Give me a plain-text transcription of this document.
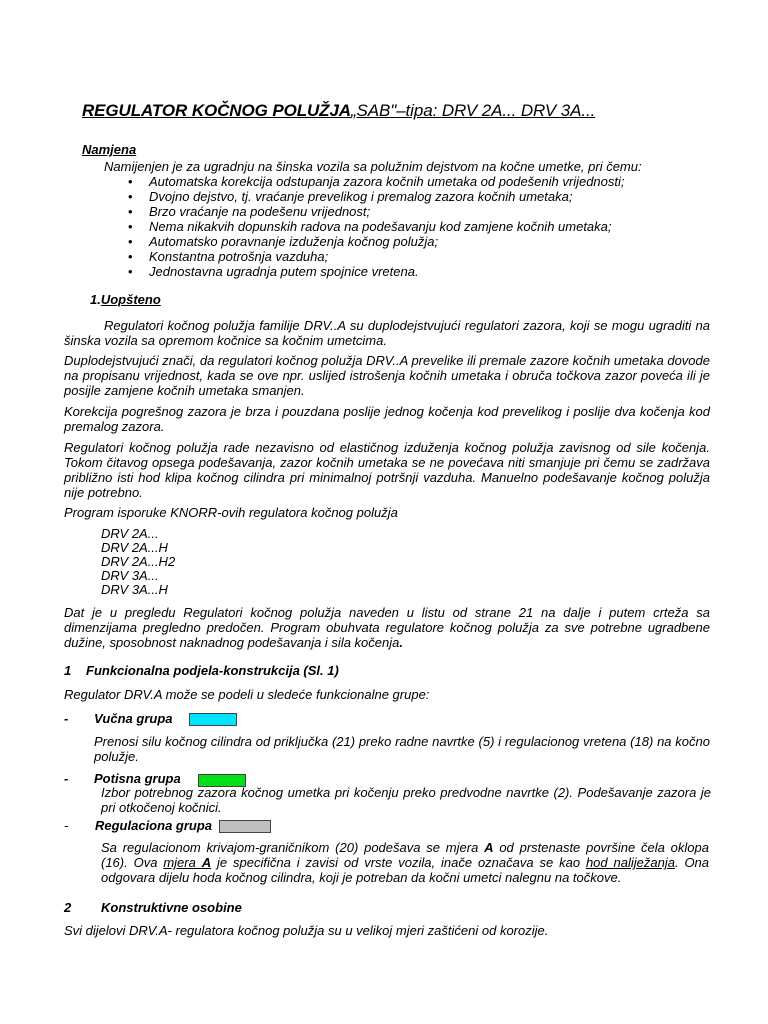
REGULATOR KOČNOG POLUŽJA„SAB"–tipa: DRV 2A... DRV 3A...
Namjena
Namijenjen je za ugradnju na šinska vozila sa polužnim dejstvom na kočne umetke, pri čemu:
• Automatska korekcija odstupanja zazora kočnih umetaka od podešenih vrijednosti;
• Dvojno dejstvo, tj. vraćanje prevelikog i premalog zazora kočnih umetaka;
• Brzo vraćanje na podešenu vrijednost;
• Nema nikakvih dopunskih radova na podešavanju kod zamjene kočnih umetaka;
• Automatsko poravnanje izduženja kočnog polužja;
• Konstantna potrošnja vazduha;
• Jednostavna ugradnja putem spojnice vretena.
1.Uopšteno
Regulatori kočnog polužja familije DRV..A su duplodejstvujući regulatori zazora, koji se mogu ugraditi na šinska vozila sa opremom kočnice sa kočnim umetcima.
Duplodejstvujući znači, da regulatori kočnog polužja DRV..A prevelike ili premale zazore kočnih umetaka dovode na propisanu vrijednost, kada se ove npr. uslijed istrošenja kočnih umetaka i obruča točkova zazor poveća ili je posijle zamjene kočnih umetaka smanjen.
Korekcija pogrešnog zazora je brza i pouzdana poslije jednog kočenja kod prevelikog i poslije dva kočenja kod premalog zazora.
Regulatori kočnog polužja rade nezavisno od elastičnog izduženja kočnog polužja zavisnog od sile kočenja. Tokom čitavog opsega podešavanja, zazor kočnih umetaka se ne povećava niti smanjuje pri čemu se zadržava približno isti hod klipa kočnog cilindra pri minimalnoj potršnji vazduha. Manuelno podešavanje kočnog polužja nije potrebno.
Program isporuke KNORR-ovih regulatora kočnog polužja
DRV 2A...
DRV 2A...H
DRV 2A...H2
DRV 3A...
DRV 3A...H
Dat je u pregledu Regulatori kočnog polužja naveden u listu od strane 21 na dalje i putem crteža sa dimenzijama pregledno predočen. Program obuhvata regulatore kočnog polužja za sve potrebne ugradbene dužine, sposobnost naknadnog podešavanja i sila kočenja.
1 Funkcionalna podjela-konstrukcija (Sl. 1)
Regulator DRV.A može se podeli u sledeće funkcionalne grupe:
- Vučna grupa
Prenosi silu kočnog cilindra od priključka (21) preko radne navrtke (5) i regulacionog vretena (18) na kočno polužje.
- Potisna grupa
Izbor potrebnog zazora kočnog umetka pri kočenju preko predvodne navrtke (2). Podešavanje zazora je pri otkočenoj kočnici.
- Regulaciona grupa
Sa regulacionom krivajom-graničnikom (20) podešava se mjera A od prstenaste površine čela oklopa (16). Ova mjera A je specifična i zavisi od vrste vozila, inače označava se kao hod naliježanja. Ona odgovara dijelu hoda kočnog cilindra, koji je potreban da kočni umetci nalegnu na točkove.
2 Konstruktivne osobine
Svi dijelovi DRV.A- regulatora kočnog polužja su u velikoj mjeri zaštićeni od korozije.
